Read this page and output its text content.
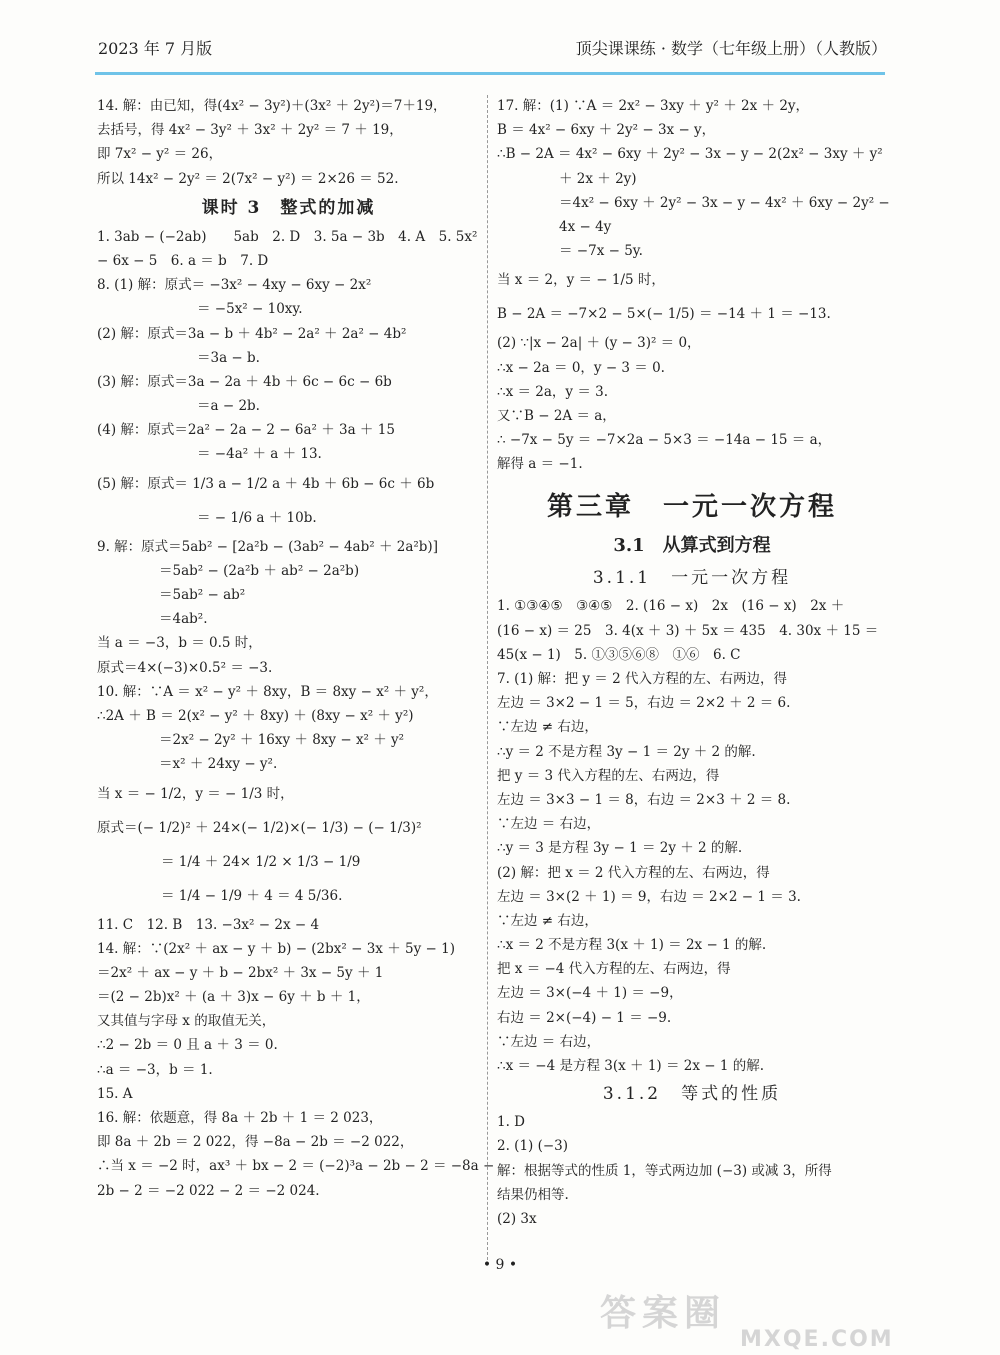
2023 年 7 月版	顶尖课课练 · 数学（七年级上册）（人教版）
14. 解：由已知，得(4x² − 3y²)＋(3x² ＋ 2y²)＝7＋19，
去括号，得 4x² − 3y² ＋ 3x² ＋ 2y² ＝ 7 ＋ 19，
即 7x² − y² ＝ 26，
所以 14x² − 2y² ＝ 2(7x² − y²) ＝ 2×26 ＝ 52.
课时 3　整式的加减
1. 3ab − (−2ab)　　5ab　2. D　3. 5a − 3b　4. A　5. 5x²
− 6x − 5　6. a ＝ b　7. D
8. (1) 解：原式＝ −3x² − 4xy − 6xy − 2x²
＝ −5x² − 10xy.
(2) 解：原式＝3a − b ＋ 4b² − 2a² ＋ 2a² − 4b²
＝3a − b.
(3) 解：原式＝3a − 2a ＋ 4b ＋ 6c − 6c − 6b
＝a − 2b.
(4) 解：原式＝2a² − 2a − 2 − 6a² ＋ 3a ＋ 15
＝ −4a² ＋ a ＋ 13.
(5) 解：原式＝ 1/3 a − 1/2 a ＋ 4b ＋ 6b − 6c ＋ 6b
＝ − 1/6 a ＋ 10b.
9. 解：原式＝5ab² − [2a²b − (3ab² − 4ab² ＋ 2a²b)]
＝5ab² − (2a²b ＋ ab² − 2a²b)
＝5ab² − ab²
＝4ab².
当 a ＝ −3，b ＝ 0.5 时，
原式＝4×(−3)×0.5² ＝ −3.
10. 解：∵A ＝ x² − y² ＋ 8xy，B ＝ 8xy − x² ＋ y²，
∴2A ＋ B ＝ 2(x² − y² ＋ 8xy) ＋ (8xy − x² ＋ y²)
＝2x² − 2y² ＋ 16xy ＋ 8xy − x² ＋ y²
＝x² ＋ 24xy − y².
当 x ＝ − 1/2，y ＝ − 1/3 时，
原式＝(− 1/2)² ＋ 24×(− 1/2)×(− 1/3) − (− 1/3)²
＝ 1/4 ＋ 24× 1/2 × 1/3 − 1/9
＝ 1/4 − 1/9 ＋ 4 ＝ 4 5/36.
11. C　12. B　13. −3x² − 2x − 4
14. 解：∵(2x² ＋ ax − y ＋ b) − (2bx² − 3x ＋ 5y − 1)
＝2x² ＋ ax − y ＋ b − 2bx² ＋ 3x − 5y ＋ 1
＝(2 − 2b)x² ＋ (a ＋ 3)x − 6y ＋ b ＋ 1，
又其值与字母 x 的取值无关，
∴2 − 2b ＝ 0 且 a ＋ 3 ＝ 0.
∴a ＝ −3，b ＝ 1.
15. A
16. 解：依题意，得 8a ＋ 2b ＋ 1 ＝ 2 023，
即 8a ＋ 2b ＝ 2 022，得 −8a − 2b ＝ −2 022，
∴当 x ＝ −2 时，ax³ ＋ bx − 2 ＝ (−2)³a − 2b − 2 ＝ −8a −
2b − 2 ＝ −2 022 − 2 ＝ −2 024.
17. 解：(1) ∵A ＝ 2x² − 3xy ＋ y² ＋ 2x ＋ 2y，
B ＝ 4x² − 6xy ＋ 2y² − 3x − y，
∴B − 2A ＝ 4x² − 6xy ＋ 2y² − 3x − y − 2(2x² − 3xy ＋ y²
＋ 2x ＋ 2y)
＝4x² − 6xy ＋ 2y² − 3x − y − 4x² ＋ 6xy − 2y² −
4x − 4y
＝ −7x − 5y.
当 x ＝ 2，y ＝ − 1/5 时，
B − 2A ＝ −7×2 − 5×(− 1/5) ＝ −14 ＋ 1 ＝ −13.
(2) ∵|x − 2a| ＋ (y − 3)² ＝ 0，
∴x − 2a ＝ 0，y − 3 ＝ 0.
∴x ＝ 2a，y ＝ 3.
又∵B − 2A ＝ a，
∴ −7x − 5y ＝ −7×2a − 5×3 ＝ −14a − 15 ＝ a，
解得 a ＝ −1.
第三章　一元一次方程
3.1　从算式到方程
3.1.1　一元一次方程
1. ①③④⑤　③④⑤　2. (16 − x)　2x　(16 − x)　2x ＋
(16 − x) ＝ 25　3. 4(x ＋ 3) ＋ 5x ＝ 435　4. 30x ＋ 15 ＝
45(x − 1)　5. ①③⑤⑥⑧　①⑥　6. C
7. (1) 解：把 y ＝ 2 代入方程的左、右两边，得
左边 ＝ 3×2 − 1 ＝ 5，右边 ＝ 2×2 ＋ 2 ＝ 6.
∵左边 ≠ 右边，
∴y ＝ 2 不是方程 3y − 1 ＝ 2y ＋ 2 的解.
把 y ＝ 3 代入方程的左、右两边，得
左边 ＝ 3×3 − 1 ＝ 8，右边 ＝ 2×3 ＋ 2 ＝ 8.
∵左边 ＝ 右边，
∴y ＝ 3 是方程 3y − 1 ＝ 2y ＋ 2 的解.
(2) 解：把 x ＝ 2 代入方程的左、右两边，得
左边 ＝ 3×(2 ＋ 1) ＝ 9，右边 ＝ 2×2 − 1 ＝ 3.
∵左边 ≠ 右边，
∴x ＝ 2 不是方程 3(x ＋ 1) ＝ 2x − 1 的解.
把 x ＝ −4 代入方程的左、右两边，得
左边 ＝ 3×(−4 ＋ 1) ＝ −9，
右边 ＝ 2×(−4) − 1 ＝ −9.
∵左边 ＝ 右边，
∴x ＝ −4 是方程 3(x ＋ 1) ＝ 2x − 1 的解.
3.1.2　等式的性质
1. D
2. (1) (−3)
解：根据等式的性质 1，等式两边加 (−3) 或减 3，所得
结果仍相等.
(2) 3x
• 9 •
答案圈
MXQE.COM
